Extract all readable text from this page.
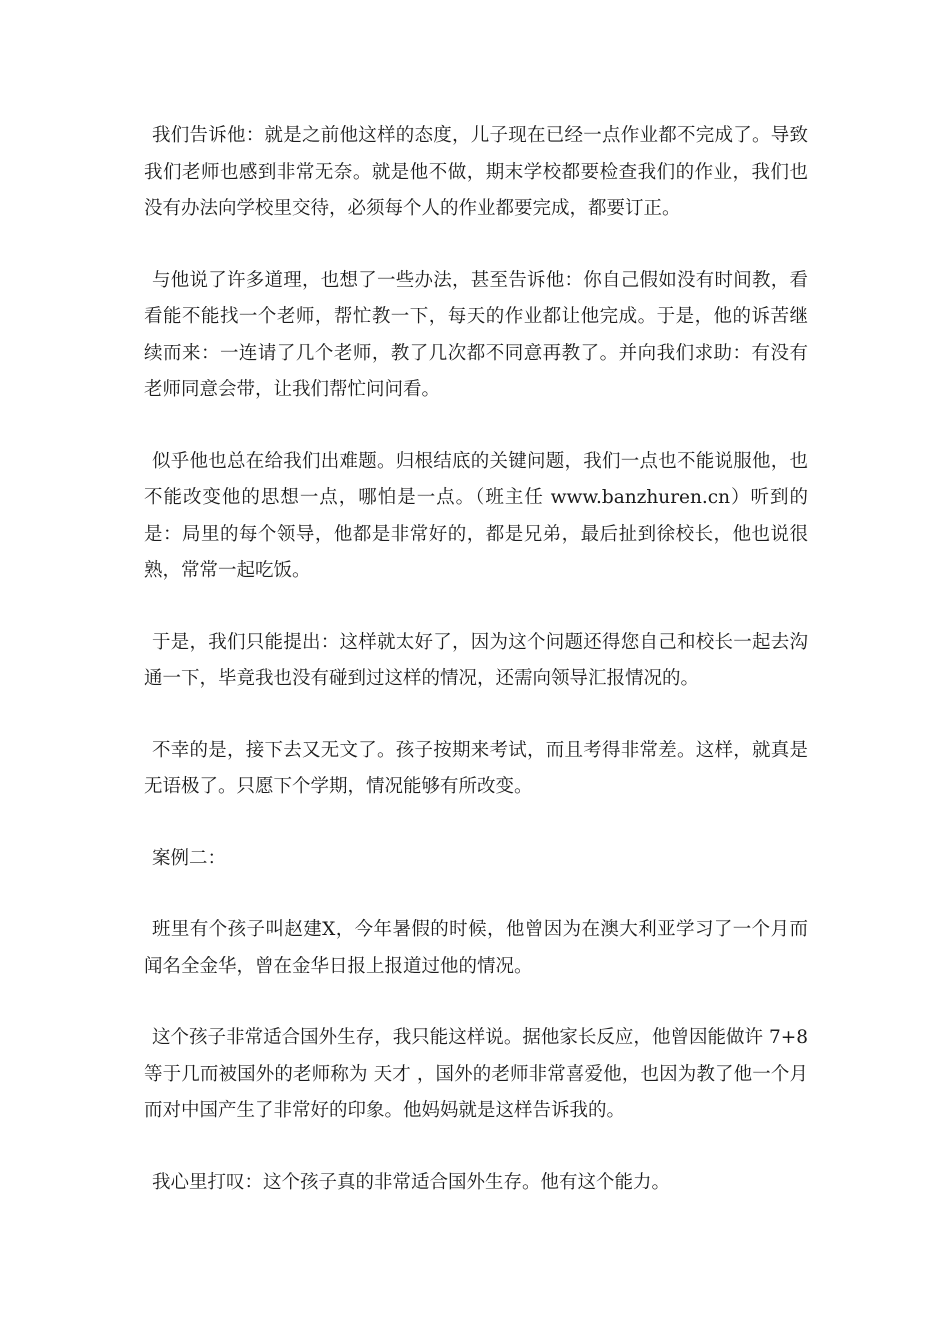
我们告诉他：就是之前他这样的态度，儿子现在已经一点作业都不完成了。导致我们老师也感到非常无奈。就是他不做，期末学校都要检查我们的作业，我们也没有办法向学校里交待，必须每个人的作业都要完成，都要订正。

与他说了许多道理，也想了一些办法，甚至告诉他：你自己假如没有时间教，看看能不能找一个老师，帮忙教一下，每天的作业都让他完成。于是，他的诉苦继续而来：一连请了几个老师，教了几次都不同意再教了。并向我们求助：有没有老师同意会带，让我们帮忙问问看。

似乎他也总在给我们出难题。归根结底的关键问题，我们一点也不能说服他，也不能改变他的思想一点，哪怕是一点。（班主任 www.banzhuren.cn）听到的是：局里的每个领导，他都是非常好的，都是兄弟，最后扯到徐校长，他也说很熟，常常一起吃饭。

于是，我们只能提出：这样就太好了，因为这个问题还得您自己和校长一起去沟通一下，毕竟我也没有碰到过这样的情况，还需向领导汇报情况的。

不幸的是，接下去又无文了。孩子按期来考试，而且考得非常差。这样，就真是无语极了。只愿下个学期，情况能够有所改变。

案例二：

班里有个孩子叫赵建X，今年暑假的时候，他曾因为在澳大利亚学习了一个月而闻名全金华，曾在金华日报上报道过他的情况。

这个孩子非常适合国外生存，我只能这样说。据他家长反应，他曾因能做许 7+8 等于几而被国外的老师称为 天才 ，国外的老师非常喜爱他，也因为教了他一个月而对中国产生了非常好的印象。他妈妈就是这样告诉我的。

我心里打叹：这个孩子真的非常适合国外生存。他有这个能力。
